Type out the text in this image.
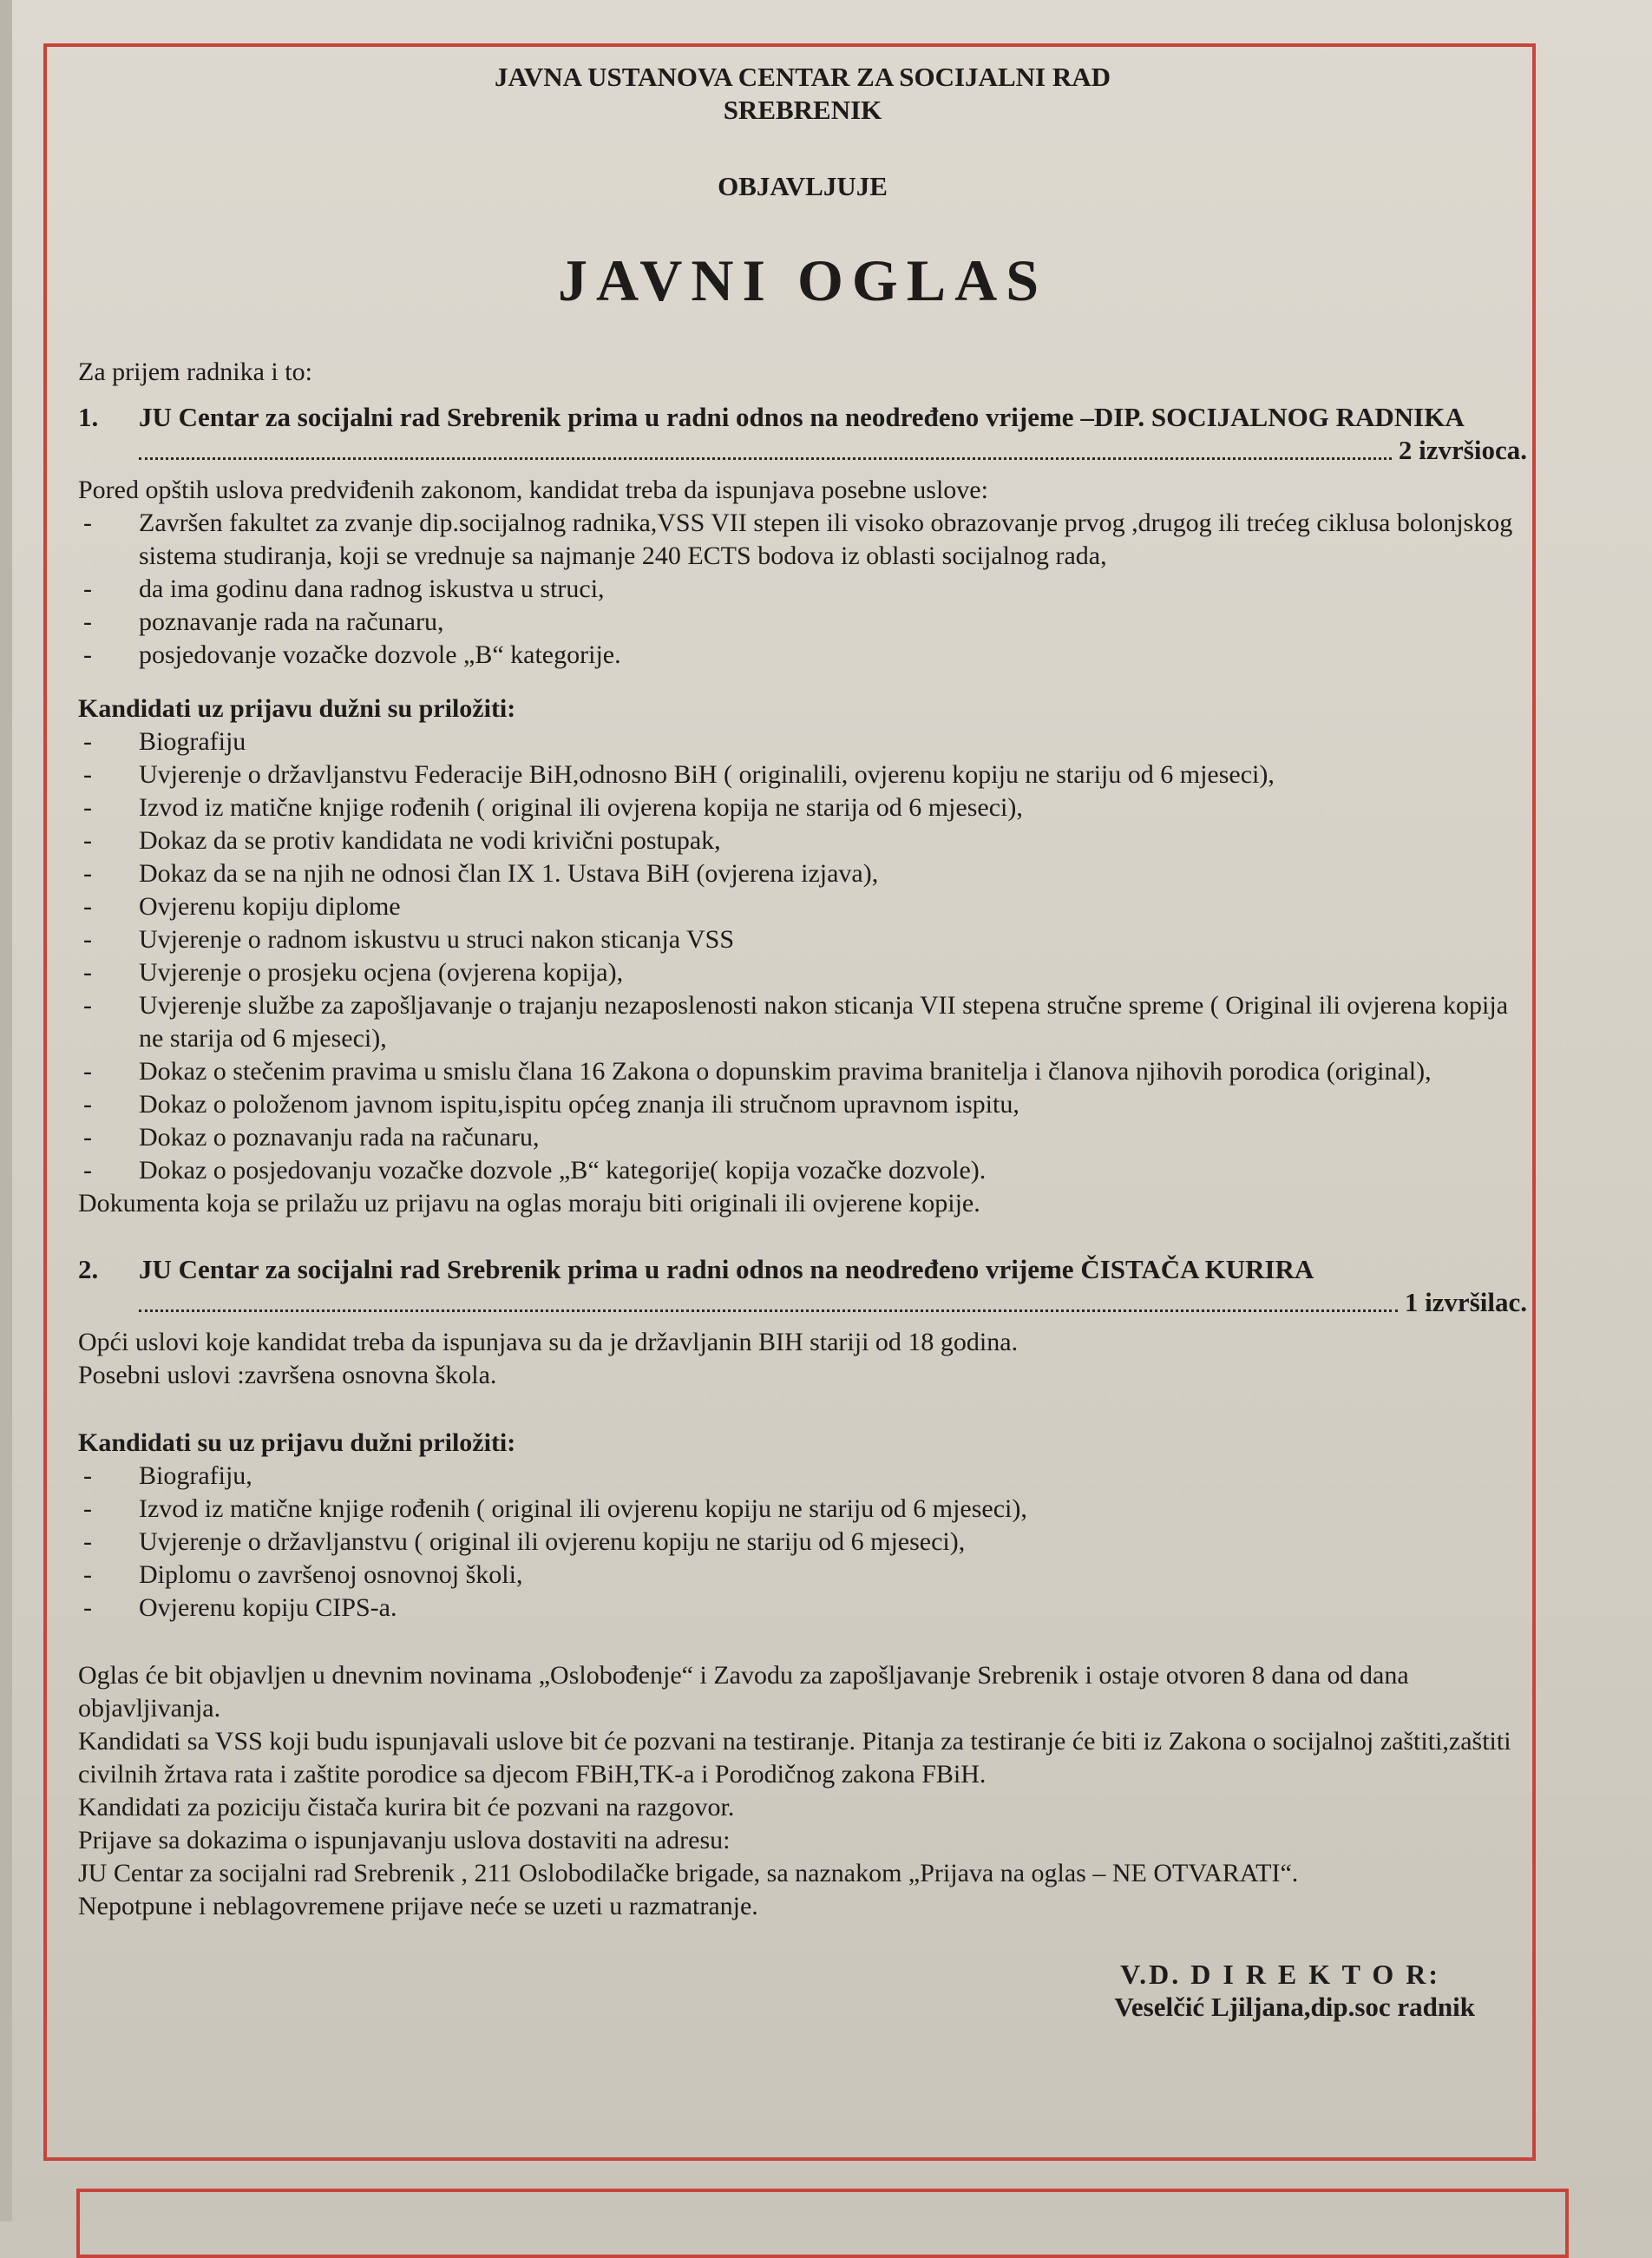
JAVNA USTANOVA CENTAR ZA SOCIJALNI RAD

SREBRENIK

OBJAVLJUJE

JAVNI OGLAS

Za prijem radnika i to:

1.	JU Centar za socijalni rad Srebrenik prima u radni odnos na neodređeno vrijeme –DIP. SOCIJALNOG RADNIKA
2 izvršioca.

Pored opštih uslova predviđenih zakonom, kandidat treba da ispunjava posebne uslove:

-	Završen fakultet za zvanje dip.socijalnog radnika,VSS VII stepen ili visoko obrazovanje prvog ,drugog ili trećeg ciklusa bolonjskog sistema studiranja, koji se vrednuje sa najmanje 240 ECTS bodova iz oblasti socijalnog rada,
-	da ima godinu dana radnog iskustva u struci,
-	poznavanje rada na računaru,
-	posjedovanje vozačke dozvole „B“ kategorije.

Kandidati uz prijavu dužni su priložiti:

-	Biografiju
-	Uvjerenje o državljanstvu Federacije BiH,odnosno BiH ( originalili, ovjerenu kopiju ne stariju od 6 mjeseci),
-	Izvod iz matične knjige rođenih ( original ili ovjerena kopija ne starija od 6 mjeseci),
-	Dokaz da se protiv kandidata ne vodi krivični postupak,
-	Dokaz da se na njih ne odnosi član IX 1. Ustava BiH (ovjerena izjava),
-	Ovjerenu kopiju diplome
-	Uvjerenje o radnom iskustvu u struci nakon sticanja VSS
-	Uvjerenje o prosjeku ocjena (ovjerena kopija),
-	Uvjerenje službe za zapošljavanje o trajanju nezaposlenosti nakon sticanja VII stepena stručne spreme ( Original ili ovjerena kopija ne starija od 6 mjeseci),
-	Dokaz o stečenim pravima u smislu člana 16 Zakona o dopunskim pravima branitelja i članova njihovih porodica (original),
-	Dokaz o položenom javnom ispitu,ispitu općeg znanja ili stručnom upravnom ispitu,
-	Dokaz o poznavanju rada na računaru,
-	Dokaz o posjedovanju vozačke dozvole „B“ kategorije( kopija vozačke dozvole).

Dokumenta koja se prilažu uz prijavu na oglas moraju biti originali ili ovjerene kopije.

2.	JU Centar za socijalni rad Srebrenik prima u radni odnos na neodređeno vrijeme ČISTAČA KURIRA
1 izvršilac.

Opći uslovi koje kandidat treba da ispunjava su da je državljanin BIH stariji od 18 godina.

Posebni uslovi :završena osnovna škola.

Kandidati su uz prijavu dužni priložiti:

-	Biografiju,
-	Izvod iz matične knjige rođenih ( original ili ovjerenu kopiju ne stariju od 6 mjeseci),
-	Uvjerenje o državljanstvu ( original ili ovjerenu kopiju ne stariju od 6 mjeseci),
-	Diplomu o završenoj osnovnoj školi,
-	Ovjerenu kopiju CIPS-a.

Oglas će bit objavljen u dnevnim novinama „Oslobođenje“ i Zavodu za zapošljavanje Srebrenik i ostaje otvoren 8 dana od dana objavljivanja.

Kandidati sa VSS koji budu ispunjavali uslove bit će pozvani na testiranje. Pitanja za testiranje će biti iz Zakona o socijalnoj zaštiti,zaštiti civilnih žrtava rata i zaštite porodice sa djecom FBiH,TK-a i Porodičnog zakona FBiH.

Kandidati za poziciju čistača kurira bit će pozvani na razgovor.

Prijave sa dokazima o ispunjavanju uslova dostaviti na adresu:

JU Centar za socijalni rad Srebrenik , 211 Oslobodilačke brigade, sa naznakom „Prijava na oglas – NE OTVARATI“.

Nepotpune i neblagovremene prijave neće se uzeti u razmatranje.

V.D. D I R E K T O R:
Veselčić Ljiljana,dip.soc radnik
